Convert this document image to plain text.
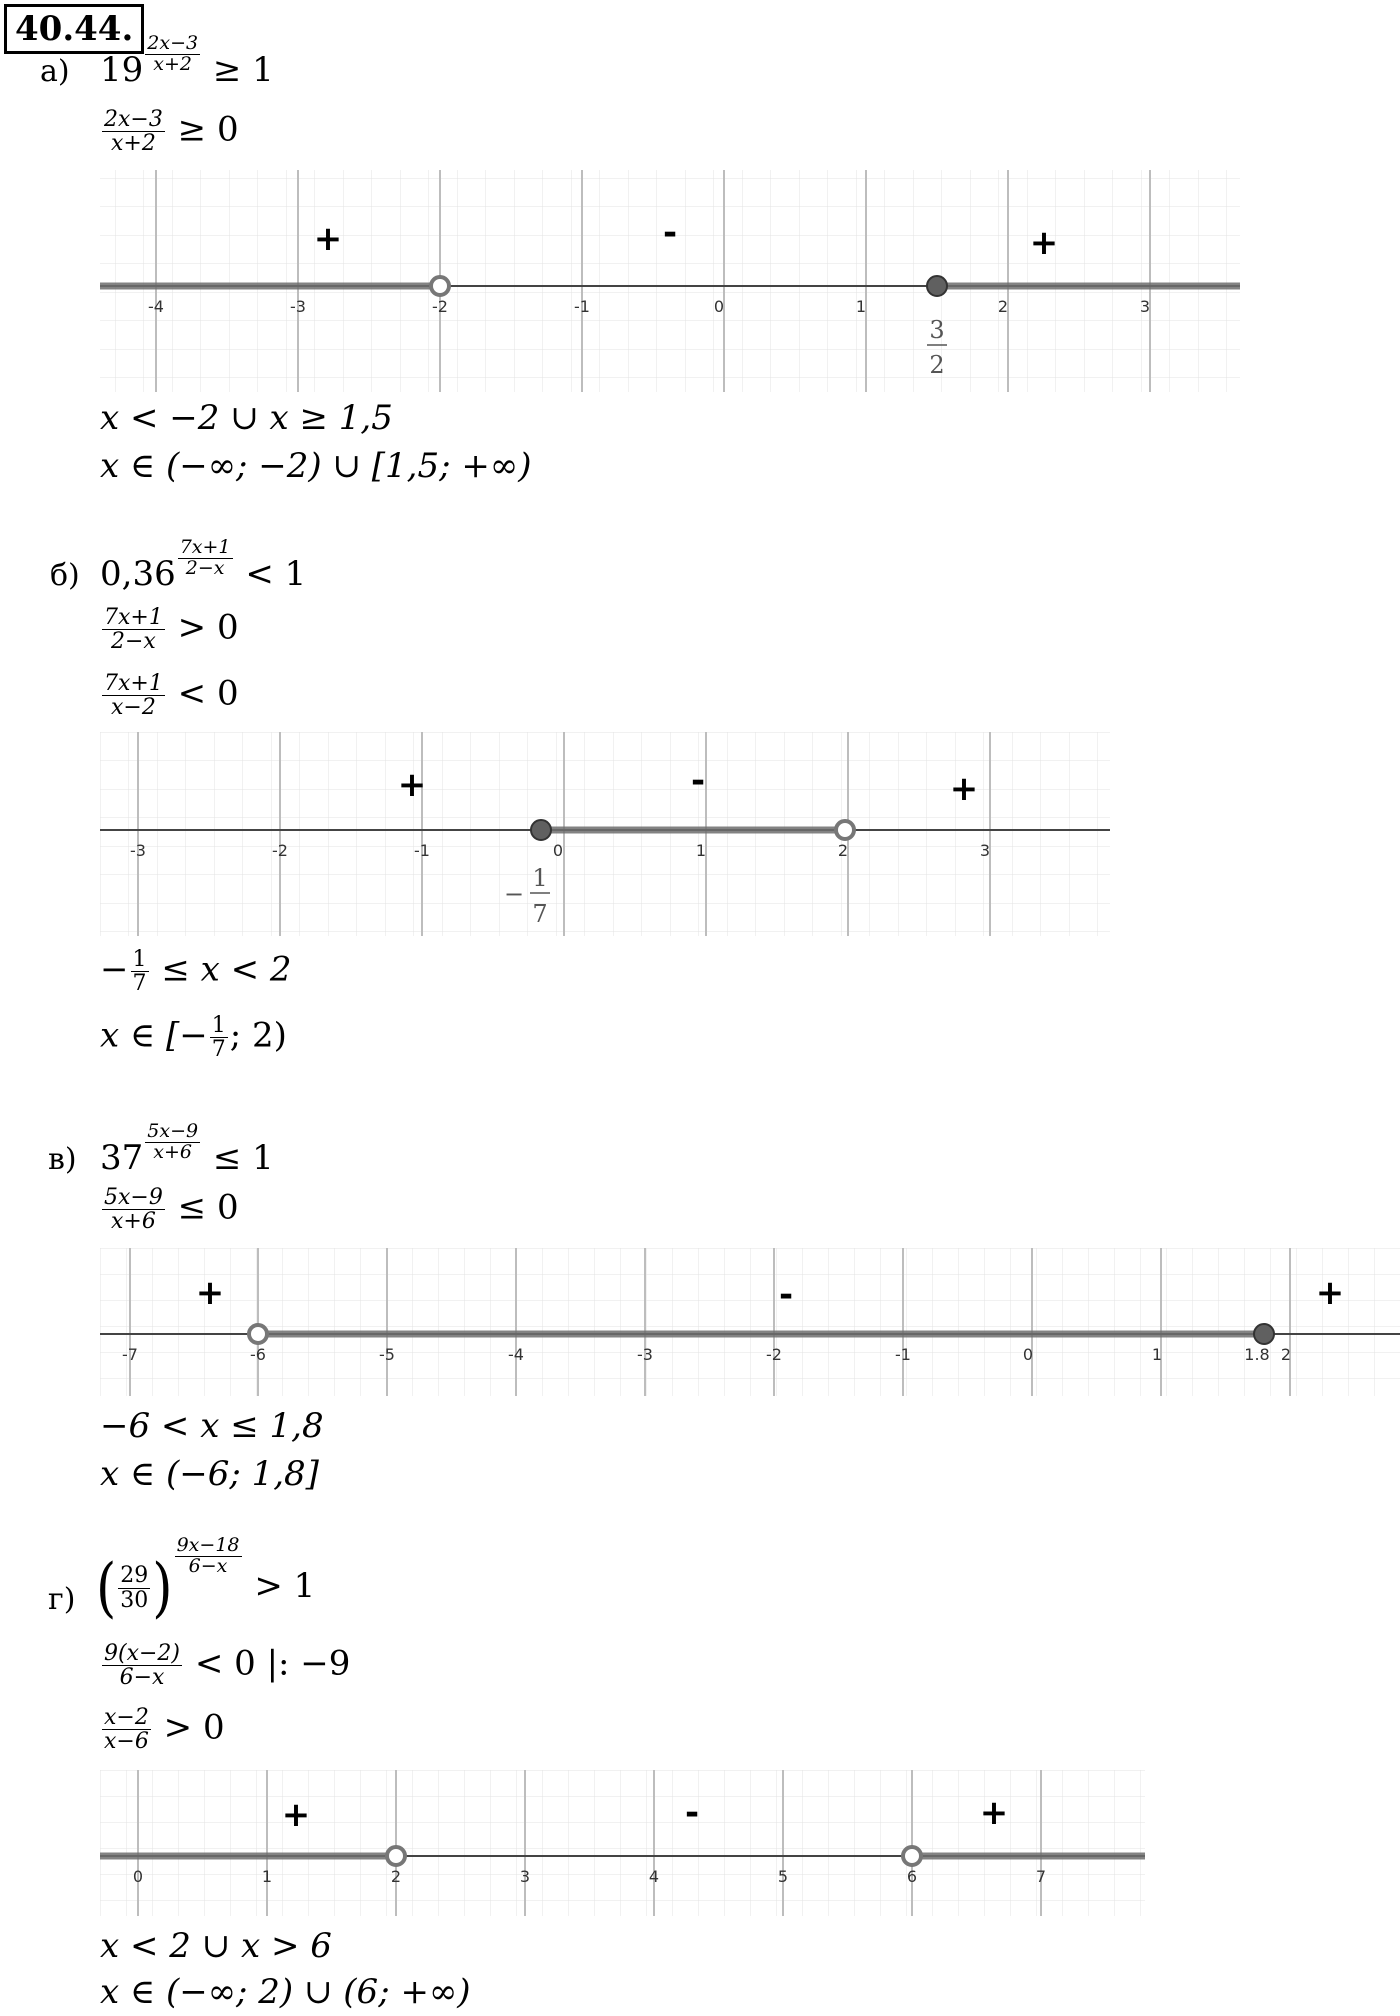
40.44.
а) $19 \frac{2x-3}{x+2} \ge 1$
$\frac{2x-3}{x+2} \ge 0$
-4	-3	-2	-1	0	1	2	3
+	-	+
3
2
x < −2 ∪ x ≥ 1,5
x ∈ (−∞; −2) ∪ [1,5; +∞)
б) $0,36 \frac{7x+1}{2-x} < 1$
$\frac{7x+1}{2-x} > 0$
$\frac{7x+1}{x-2} < 0$
-3	-2	-1	0	1	2	3
+	-	+
−
1
7
− $\frac{1}{7} \le x < 2$
x ∈ [− $\frac{1}{7}$ ; 2)
в) $37 \frac{5x-9}{x+6} \le 1$
$\frac{5x-9}{x+6} \le 0$
-7	-6	-5	-4	-3	-2	-1	0	1	1.8 2
+	-	+
−6 < x ≤ 1,8
x ∈ (−6; 1,8]
г) ( $\frac{29}{30}$ ) $\frac{9x-18}{6-x}$
> 1
$\frac{9(x-2)}{6-x} < 0$ |: −9
$\frac{x-2}{x-6} > 0$
0	1	2	3	4	5	6	7
+	-	+
x < 2 ∪ x > 6
x ∈ (−∞; 2) ∪ (6; +∞)
